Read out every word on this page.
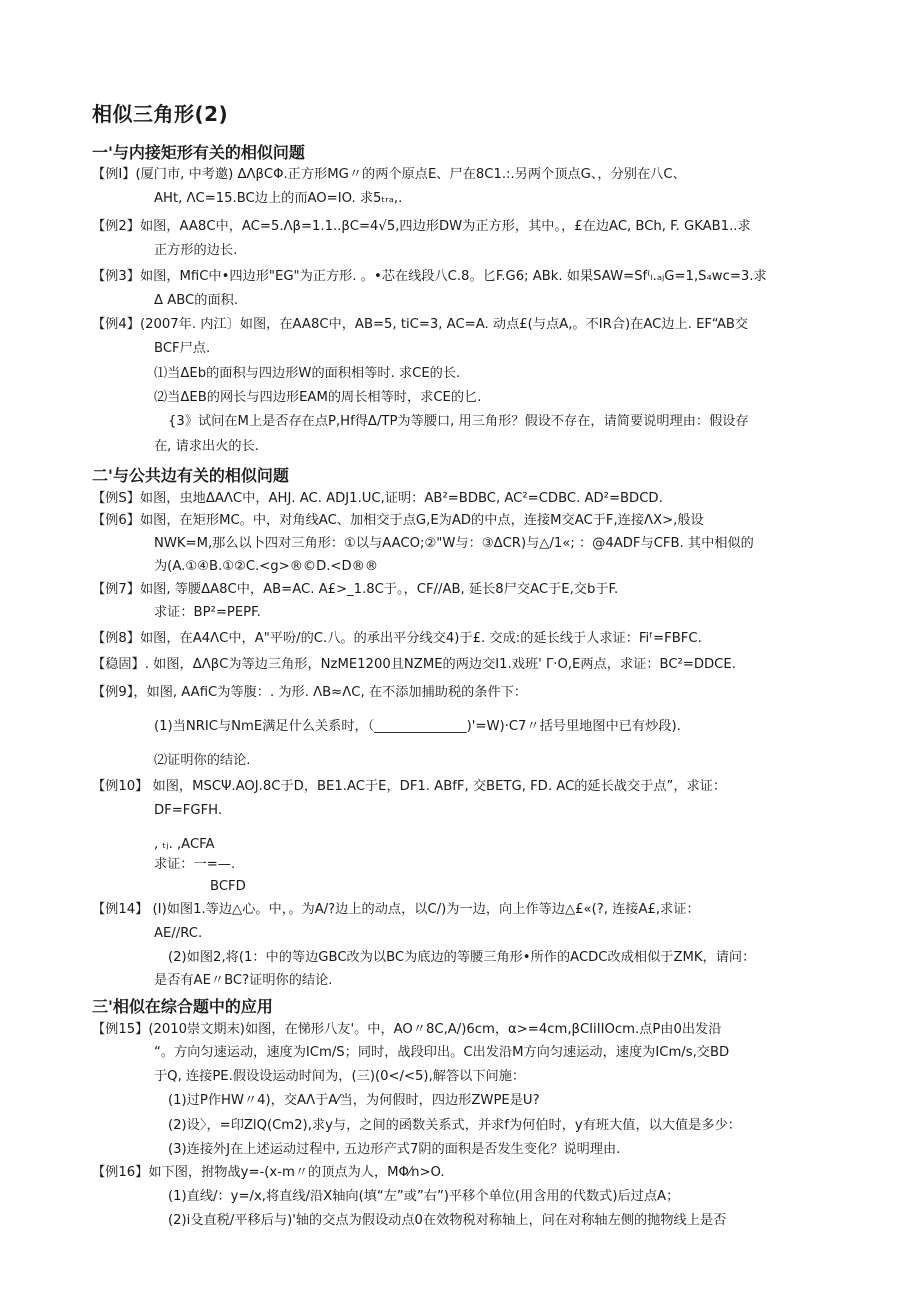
相似三角形(2)
一'与内接矩形有关的相似问题
【例I】(厦门市, 中考邀) ΔΛβCΦ.正方形MG〃的两个原点E、尸在8C1.:.另两个顶点G、，分别在八C、
AHt, ΛC=15.BC边上的而AO=IO. 求5ₜᵣₐ,.
【例2】如图，AA8C中，AC=5.Λβ=1.1..βC=4√5,四边形DW为正方形，其中。，£在边AC, BCh, F. GKAB1..求
正方形的边长.
【例3】如图，MfiC中•四边形"EG"为正方形. 。•芯在线段八C.8。匕F.G6; ABk. 如果SAW=Sf⁽ₗ.ₐⱼG=1,S₄wc=3.求
Δ ABC的面积.
【例4】(2007年. 内江〕如图，在AA8C中，AB=5, tiC=3, AC=A. 动点£(与点A,。不IR合)在AC边上. EF“AB交
BCF尸点.
⑴当ΔEb的面积与四边形W的面积相等时. 求CE的长.
⑵当ΔEB的网长与四边形EAM的周长相等时，求CE的匕.
{3》试问在M上是否存在点P,Hf得Δ/TP为等腰口, 用三角形？假设不存在，请简要说明理由：假设存
在, 请求出火的长.
二'与公共边有关的相似问题
【例S】如图，虫地ΔAΛC中，AHJ. AC. ADJ1.UC,证明：AB²=BDBC, AC²=CDBC. AD²=BDCD.
【例6】如图，在矩形MC。中，对角线AC、加相交于点G,E为AD的中点，连接M交AC于F,连接ΛX>,般设
NWK=M,那么以卜四对三角形：①以与AACO;②"W与：③ΔCR)与△/1«; ：@4ADF与CFB. 其中相似的
为(A.①④B.①②C.<g>®©D.<D®®
【例7】如图, 等腰ΔA8C中，AB=AC. A£>_1.8C于。，CF//AB, 延长8尸交AC于E,交b于F.
求证：BP²=PEPF.
【例8】如图，在A4ΛC中，A"平吩/的C.八。的承出平分线交4)于£. 交成:的延长线于人求证：Fiᶠ=FBFC.
【稳固】. 如图，ΔΛβC为等边三角形，NzME1200且NZME的两边交I1.戏班' Γ·O,E两点，求证：BC²=DDCE.
【例9】，如图, AAfiC为等腹：. 为形. ΛB≈ΛC, 在不添加捕助税的条件下：
(1)当NRIC与NmE满足什么关系时，（______________)'=W)·C7〃括号里地图中已有炒段).
⑵证明你的结论.
【例10】 如图，MSCΨ.AOJ.8C于D，BE1.AC于E，DF1. ABfF, 交BETG, FD. AC的延长战交于点”，求证：
DF=FGFH.
, ₜⱼ. ,ACFA
求证：一=—.
BCFD
【例14】 (I)如图1.等边△心。中，。为A/?边上的动点，以C/)为一边，向上作等边△£«(?, 连接A£,求证：
AE//RC.
(2)如图2,将(1：中的等边GBC改为以BC为底边的等腰三角形•所作的ACDC改成相似于ZMK，请问：
是否有AE〃BC?证明你的结论.
三'相似在综合题中的应用
【例15】(2010崇文期末)如图，在悌形八友'。中，AO〃8C,A/)6cm，α>=4cm,βCIiIIOcm.点P由0出发沿
“。方向匀速运动，速度为ICm/S；同时，战段印出。C出发沿M方向匀速运动，速度为ICm/s,交BD
于Q, 连接PE.假设设运动时间为，(三)(0</<5),解答以下问施：
(1)过P作HW〃4)，交AΛ于A⁄当，为何假时，四边形ZWPE是U?
(2)设〉，=印ZlQ(Cm2),求y与，之间的函数关系式，并求f为何伯时，y有班大值，以大值是多少：
(3)连接外J在上述运动过程中, 五边形产式7阴的面积是否发生变化？说明理由.
【例16】如下图，拊物战y=-(x-m〃的顶点为人，MΦ⁄n>O.
(1)直线/：y=/x,将直线/沿X轴向(填“左”或”右”)平移个单位(用含用的代数式)后过点A；
(2)i殳直税/平移后与)'轴的交点为假设动点0在效物税对称轴上，问在对称轴左侧的抛物线上是否
